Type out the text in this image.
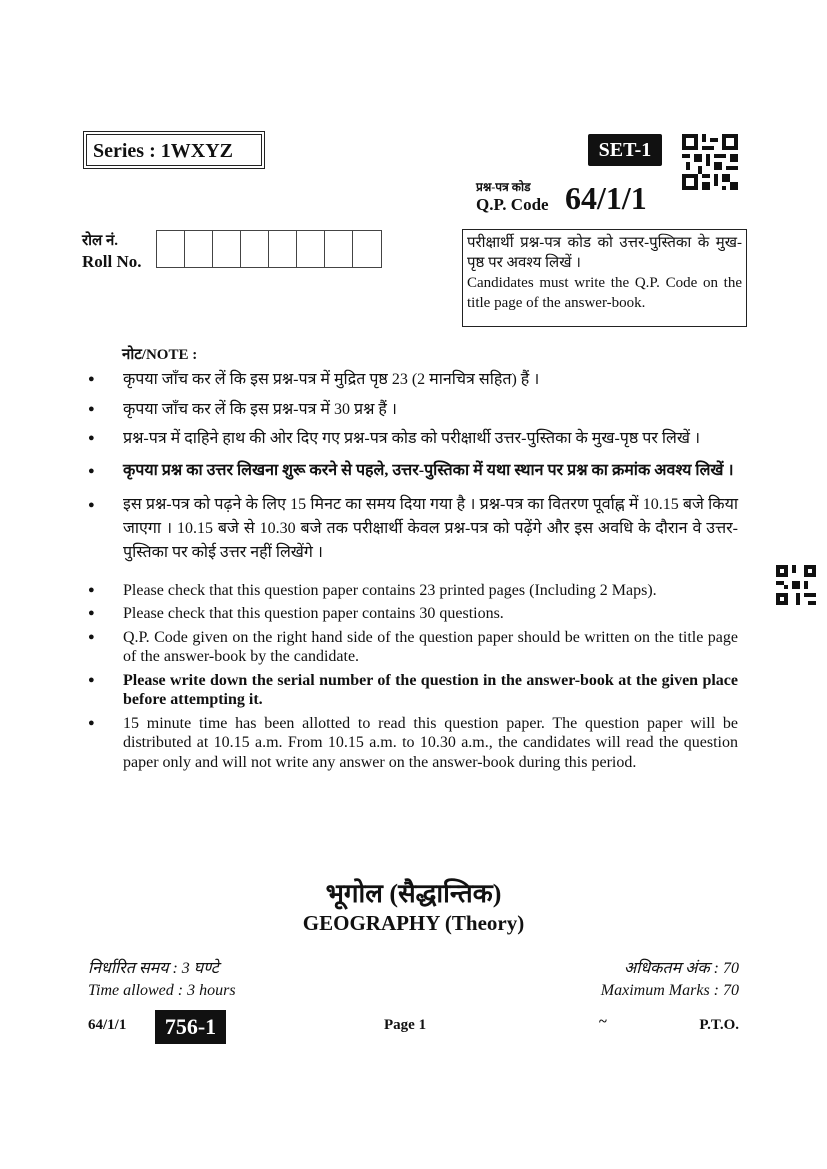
Series : 1WXYZ	SET-1
प्रश्न-पत्र कोड
Q.P. Code 64/1/1
रोल नं.
Roll No.
परीक्षार्थी प्रश्न-पत्र कोड को उत्तर-पुस्तिका के मुख-पृष्ठ पर अवश्य लिखें ।
Candidates must write the Q.P. Code on the title page of the answer-book.
नोट/NOTE :
● कृपया जाँच कर लें कि इस प्रश्न-पत्र में मुद्रित पृष्ठ 23 (2 मानचित्र सहित) हैं ।
● कृपया जाँच कर लें कि इस प्रश्न-पत्र में 30 प्रश्न हैं ।
● प्रश्न-पत्र में दाहिने हाथ की ओर दिए गए प्रश्न-पत्र कोड को परीक्षार्थी उत्तर-पुस्तिका के मुख-पृष्ठ पर लिखें ।
● कृपया प्रश्न का उत्तर लिखना शुरू करने से पहले, उत्तर-पुस्तिका में यथा स्थान पर प्रश्न का क्रमांक अवश्य लिखें ।
● इस प्रश्न-पत्र को पढ़ने के लिए 15 मिनट का समय दिया गया है । प्रश्न-पत्र का वितरण पूर्वाह्न में 10.15 बजे किया जाएगा । 10.15 बजे से 10.30 बजे तक परीक्षार्थी केवल प्रश्न-पत्र को पढ़ेंगे और इस अवधि के दौरान वे उत्तर-पुस्तिका पर कोई उत्तर नहीं लिखेंगे ।
● Please check that this question paper contains 23 printed pages (Including 2 Maps).
● Please check that this question paper contains 30 questions.
● Q.P. Code given on the right hand side of the question paper should be written on the title page of the answer-book by the candidate.
● Please write down the serial number of the question in the answer-book at the given place before attempting it.
● 15 minute time has been allotted to read this question paper. The question paper will be distributed at 10.15 a.m. From 10.15 a.m. to 10.30 a.m., the candidates will read the question paper only and will not write any answer on the answer-book during this period.
भूगोल (सैद्धान्तिक)
GEOGRAPHY (Theory)
निर्धारित समय : 3 घण्टे
Time allowed : 3 hours
अधिकतम अंक : 70
Maximum Marks : 70
64/1/1	756-1	Page 1	~	P.T.O.
